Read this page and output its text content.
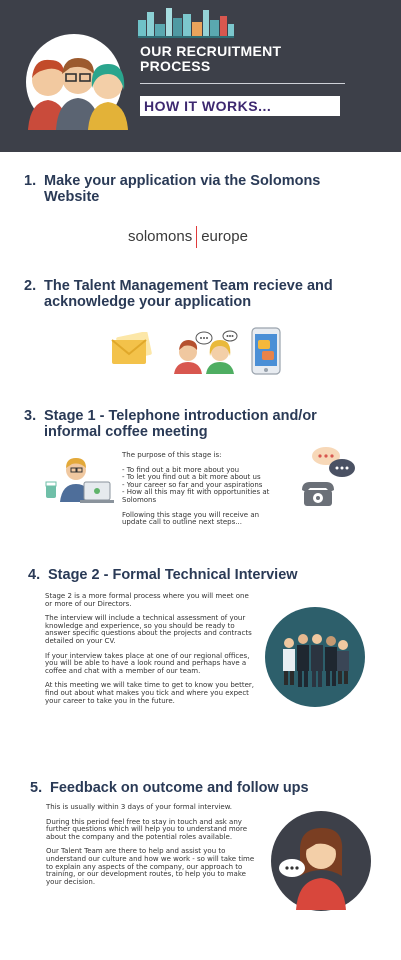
OUR RECRUITMENT
PROCESS
HOW IT WORKS...
1. Make your application via the Solomons
Website
solomons europe
2. The Talent Management Team recieve and
acknowledge your application
3. Stage 1 - Telephone introduction and/or
informal coffee meeting

The purpose of this stage is:

- To find out a bit more about you
- To let you find out a bit more about us
- Your career so far and your aspirations
- How all this may fit with opportunities at Solomons

Following this stage you will receive an update call to outline next steps...

4. Stage 2 - Formal Technical Interview

Stage 2 is a more formal process where you will meet one or more of our Directors.

The interview will include a technical assessment of your knowledge and experience, so you should be ready to answer specific questions about the projects and contracts detailed on your CV.

If your interview takes place at one of our regional offices, you will be able to have a look round and perhaps have a coffee and chat with a member of our team.

At this meeting we will take time to get to know you better, find out about what makes you tick and where you expect your career to take you in the future.

5. Feedback on outcome and follow ups

This is usually within 3 days of your formal interview.

During this period feel free to stay in touch and ask any further questions which will help you to understand more about the company and the potential roles available.

Our Talent Team are there to help and assist you to understand our culture and how we work - so will take time to explain any aspects of the company, our approach to training, or our development routes, to help you to make your decision.
